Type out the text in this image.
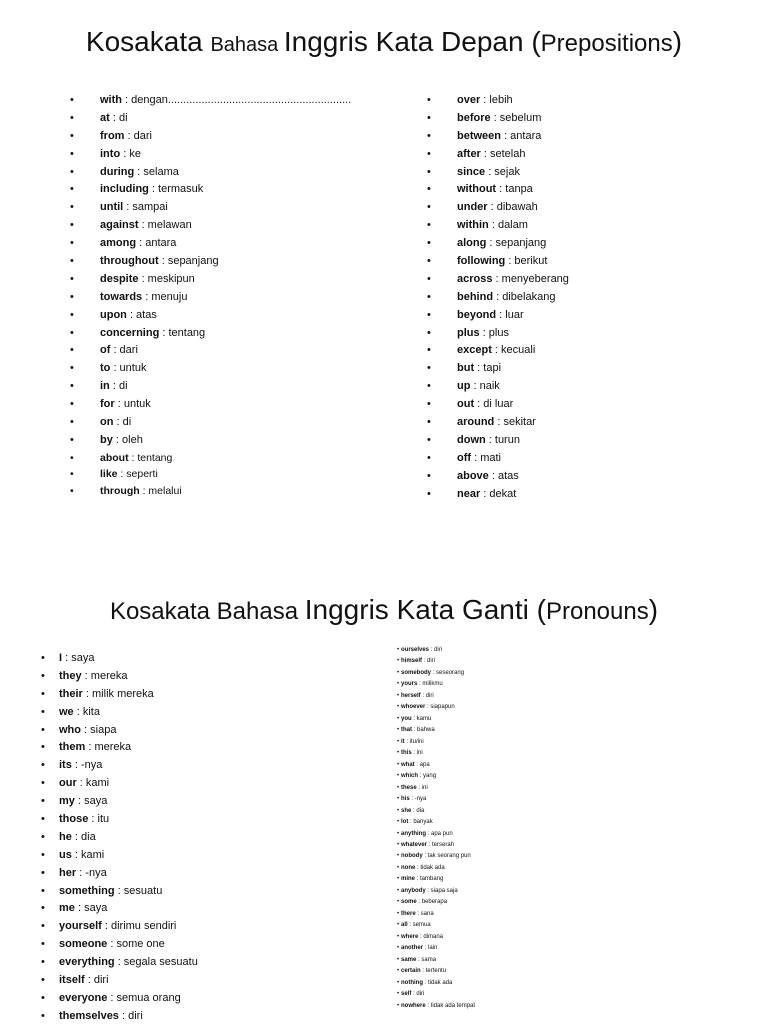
Kosakata Bahasa Inggris Kata Depan (Prepositions)
• with : dengan............................................................
• at : di
• from : dari
• into : ke
• during : selama
• including : termasuk
• until : sampai
• against : melawan
• among : antara
• throughout : sepanjang
• despite : meskipun
• towards : menuju
• upon : atas
• concerning : tentang
• of : dari
• to : untuk
• in : di
• for : untuk
• on : di
• by : oleh
• about : tentang
• like : seperti
• through : melalui
• over : lebih
• before : sebelum
• between : antara
• after : setelah
• since : sejak
• without : tanpa
• under : dibawah
• within : dalam
• along : sepanjang
• following : berikut
• across : menyeberang
• behind : dibelakang
• beyond : luar
• plus : plus
• except : kecuali
• but : tapi
• up : naik
• out : di luar
• around : sekitar
• down : turun
• off : mati
• above : atas
• near : dekat
Kosakata Bahasa Inggris Kata Ganti (Pronouns)
• I : saya
• they : mereka
• their : milik mereka
• we : kita
• who : siapa
• them : mereka
• its : -nya
• our : kami
• my : saya
• those : itu
• he : dia
• us : kami
• her : -nya
• something : sesuatu
• me : saya
• yourself : dirimu sendiri
• someone : some one
• everything : segala sesuatu
• itself : diri
• everyone : semua orang
• themselves : diri
• ourselves : diri
• himself : diri
• somebody : seseorang
• yours : milikmu
• herself : diri
• whoever : siapapun
• you : kamu
• that : bahwa
• it : itu/ini
• this : ini
• what : apa
• which : yang
• these : ini
• his : -nya
• she : dia
• lot : banyak
• anything : apa pun
• whatever : terserah
• nobody : tak seorang pun
• none : tidak ada
• mine : tambang
• anybody : siapa saja
• some : beberapa
• there : sana
• all : semua
• where : dimana
• another : lain
• same : sama
• certain : tertentu
• nothing : tidak ada
• self : diri
• nowhere : tidak ada tempat
